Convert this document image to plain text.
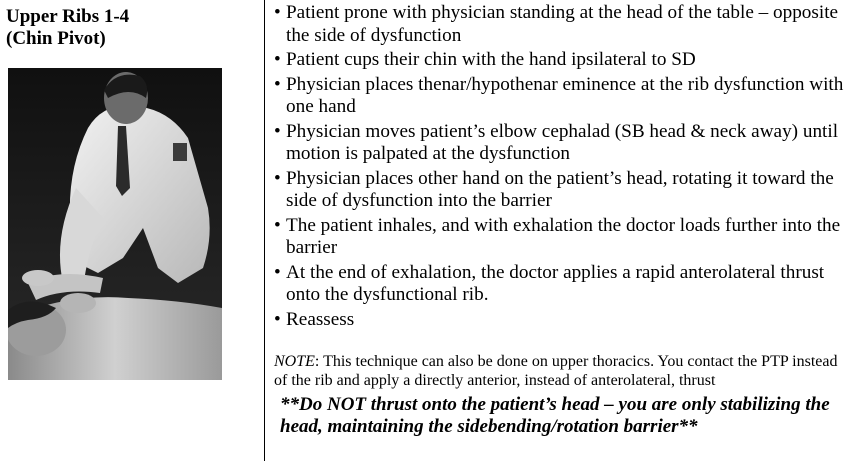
Upper Ribs 1-4
(Chin Pivot)
• Patient prone with physician standing at the head of the table – opposite the side of dysfunction
• Patient cups their chin with the hand ipsilateral to SD
• Physician places thenar/hypothenar eminence at the rib dysfunction with one hand
• Physician moves patient’s elbow cephalad (SB head & neck away) until motion is palpated at the dysfunction
• Physician places other hand on the patient’s head, rotating it toward the side of dysfunction into the barrier
• The patient inhales, and with exhalation the doctor loads further into the barrier
• At the end of exhalation, the doctor applies a rapid anterolateral thrust onto the dysfunctional rib.
• Reassess
NOTE: This technique can also be done on upper thoracics. You contact the PTP instead of the rib and apply a directly anterior, instead of anterolateral, thrust
**Do NOT thrust onto the patient’s head – you are only stabilizing the head, maintaining the sidebending/rotation barrier**
